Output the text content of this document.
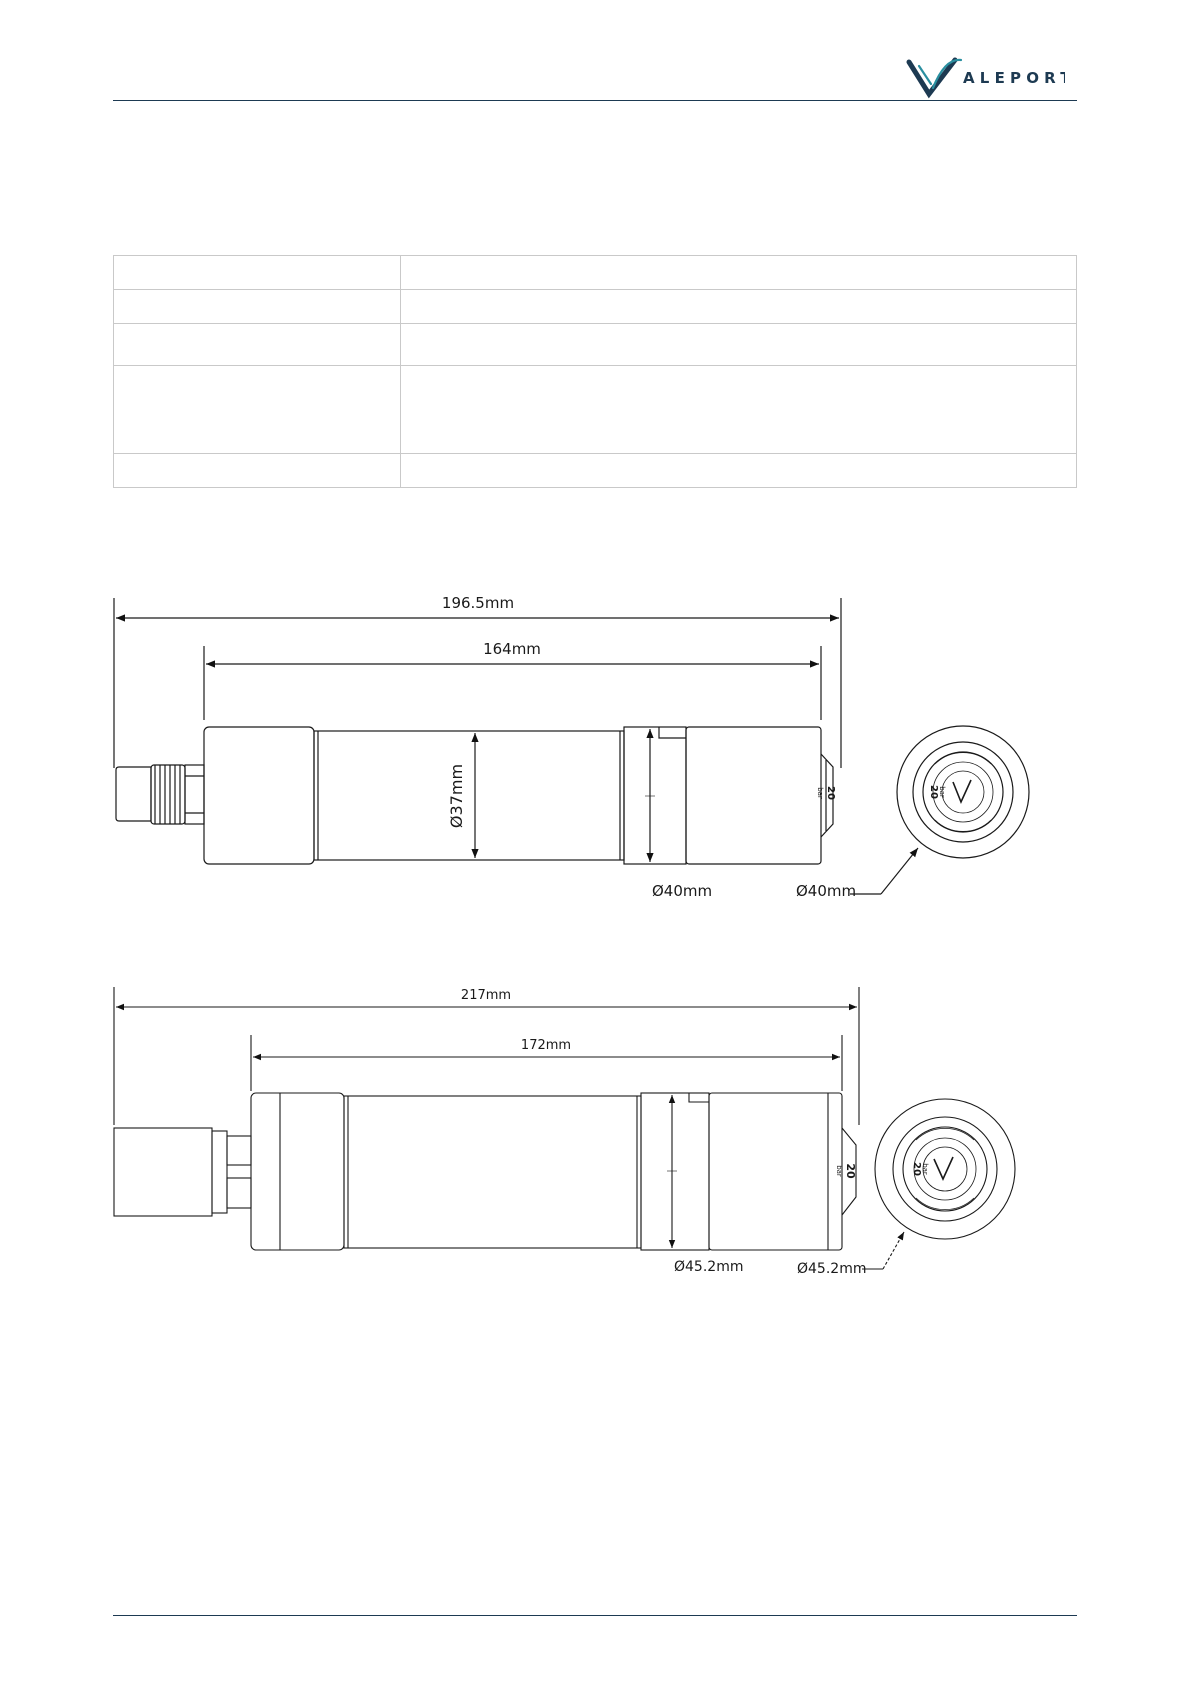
ALEPORT

196.5mm
164mm
Ø37mm
Ø40mm	Ø40mm
20
bar	20 bar
217mm
172mm
Ø45.2mm	Ø45.2mm
20
bar	20 bar
